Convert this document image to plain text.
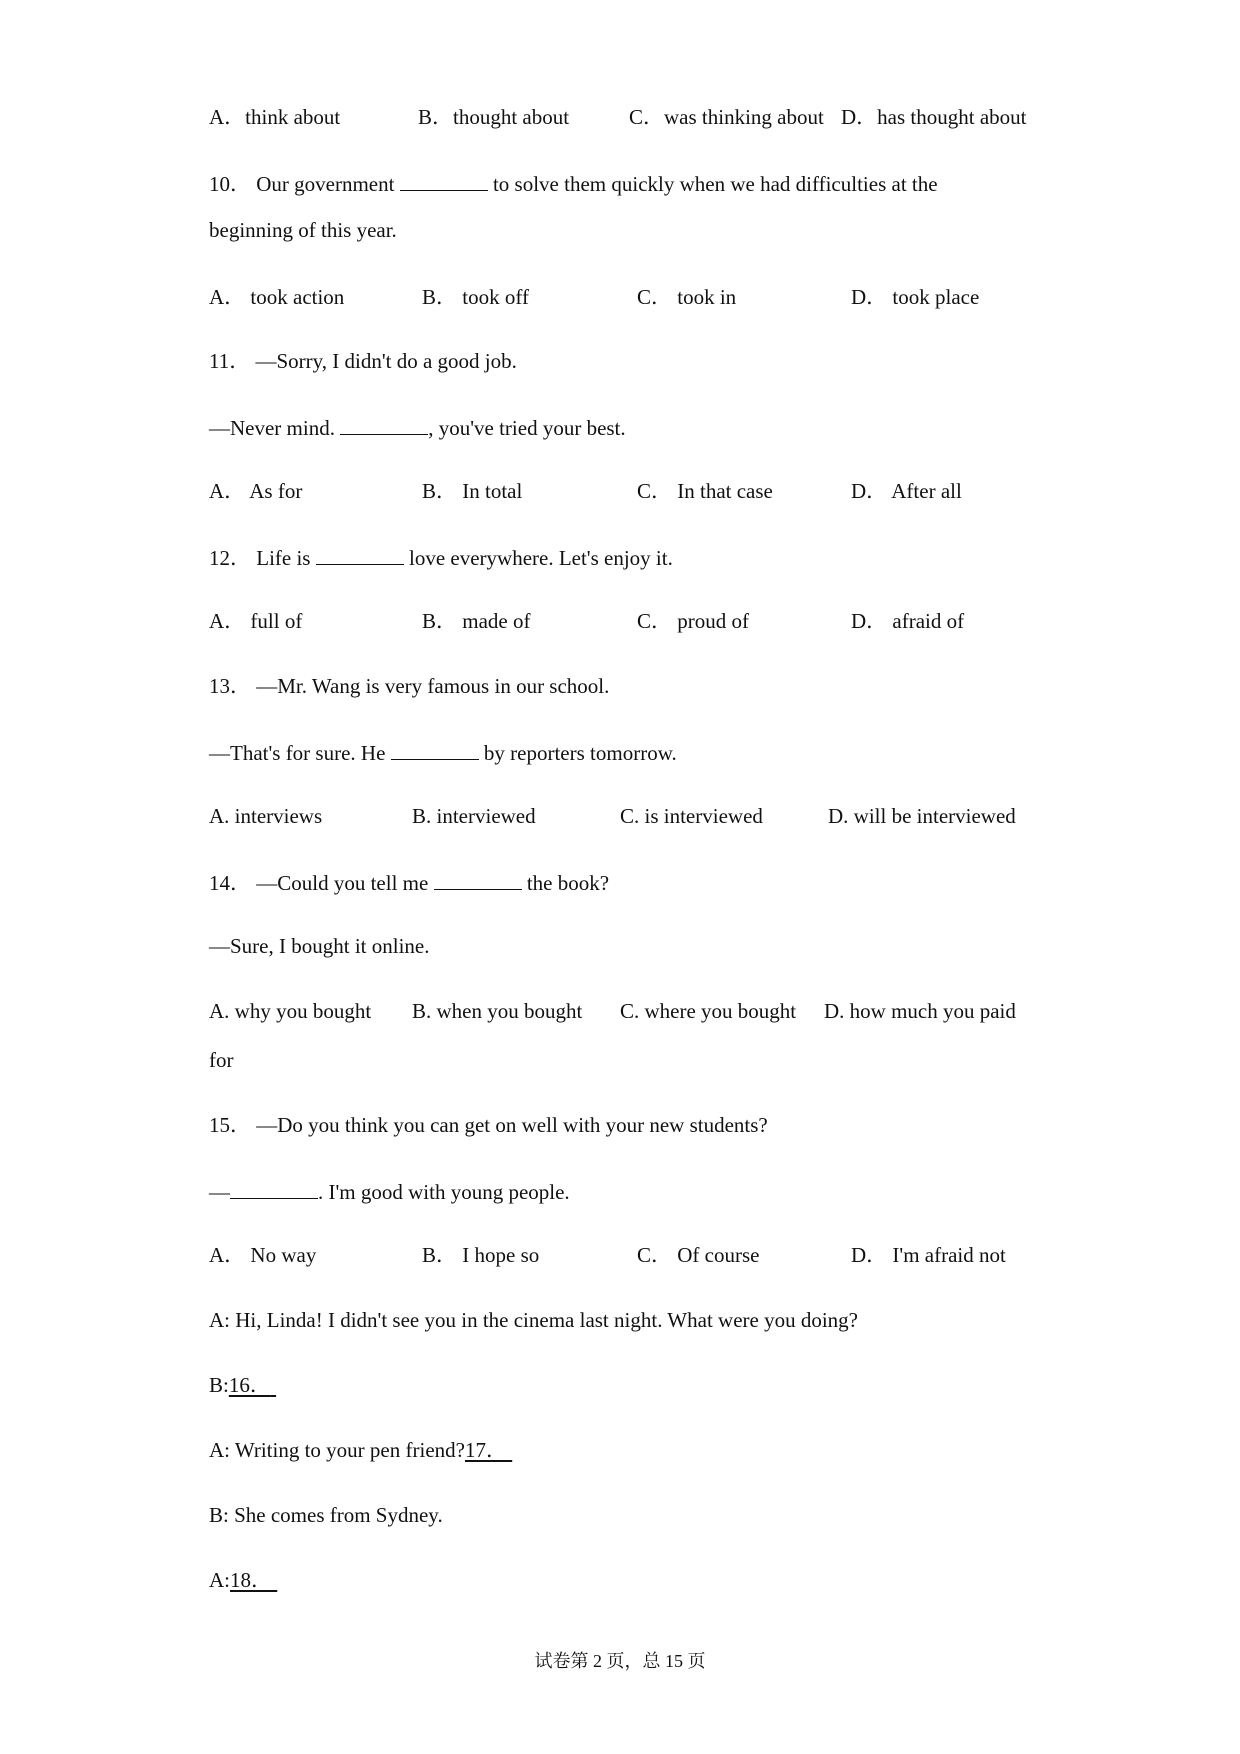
A．think about	B．thought about	C．was thinking about D．has thought about
10． Our government	to solve them quickly when we had difficulties at the
beginning of this year.
A． took action	B． took off	C． took in	D． took place
11． —Sorry, I didn't do a good job.
—Never mind.	, you've tried your best.
A． As for	B． In total	C． In that case	D． After all
12． Life is	love everywhere. Let's enjoy it.
A． full of	B． made of	C． proud of	D． afraid of
13． —Mr. Wang is very famous in our school.
—That's for sure. He	by reporters tomorrow.
A. interviews	B. interviewed	C. is interviewed	D. will be interviewed
14． —Could you tell me	the book?
—Sure, I bought it online.
A. why you bought B. when you bought C. where you bought D. how much you paid
for
15． —Do you think you can get on well with your new students?
—	. I'm good with young people.
A． No way	B． I hope so	C． Of course	D． I'm afraid not
A: Hi, Linda! I didn't see you in the cinema last night. What were you doing?
B:16．
A: Writing to your pen friend?17．
B: She comes from Sydney.
A:18．
试卷第 2 页，总 15 页
